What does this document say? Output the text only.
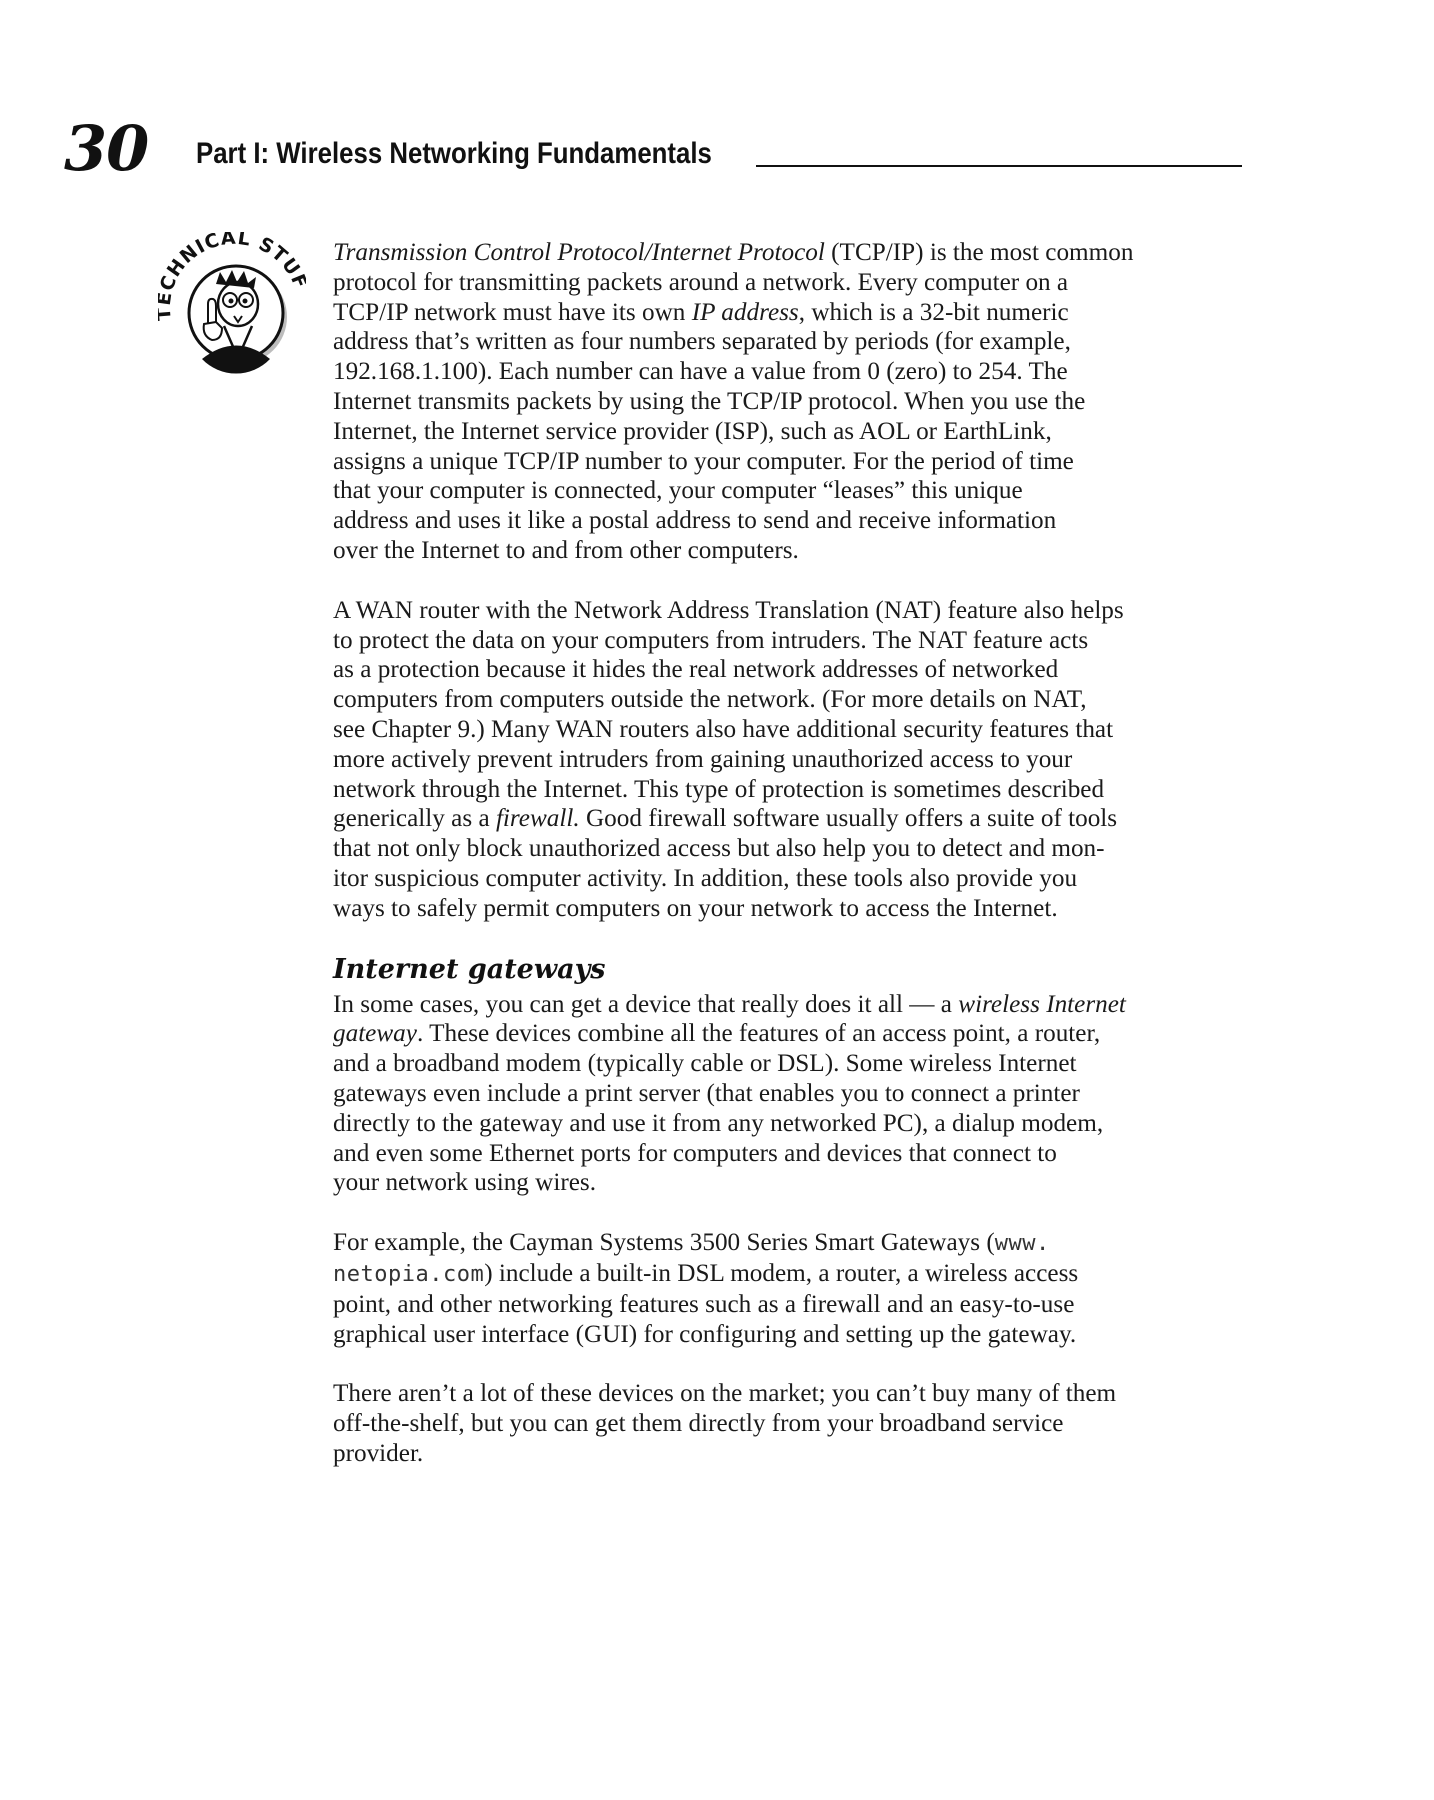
30 Part I: Wireless Networking Fundamentals
CHNICAL STU

Transmission Control Protocol/Internet Protocol (TCP/IP) is the most common
protocol for transmitting packets around a network. Every computer on a
TCP/IP network must have its own IP address, which is a 32-bit numeric
address that’s written as four numbers separated by periods (for example,
192.168.1.100). Each number can have a value from 0 (zero) to 254. The
Internet transmits packets by using the TCP/IP protocol. When you use the
Internet, the Internet service provider (ISP), such as AOL or EarthLink,
assigns a unique TCP/IP number to your computer. For the period of time
that your computer is connected, your computer “leases” this unique
address and uses it like a postal address to send and receive information
over the Internet to and from other computers.

A WAN router with the Network Address Translation (NAT) feature also helps
to protect the data on your computers from intruders. The NAT feature acts
as a protection because it hides the real network addresses of networked
computers from computers outside the network. (For more details on NAT,
see Chapter 9.) Many WAN routers also have additional security features that
more actively prevent intruders from gaining unauthorized access to your
network through the Internet. This type of protection is sometimes described
generically as a firewall. Good firewall software usually offers a suite of tools
that not only block unauthorized access but also help you to detect and mon-
itor suspicious computer activity. In addition, these tools also provide you
ways to safely permit computers on your network to access the Internet.

Internet gateways

In some cases, you can get a device that really does it all — a wireless Internet
gateway. These devices combine all the features of an access point, a router,
and a broadband modem (typically cable or DSL). Some wireless Internet
gateways even include a print server (that enables you to connect a printer
directly to the gateway and use it from any networked PC), a dialup modem,
and even some Ethernet ports for computers and devices that connect to
your network using wires.

For example, the Cayman Systems 3500 Series Smart Gateways (www.
netopia.com) include a built-in DSL modem, a router, a wireless access
point, and other networking features such as a firewall and an easy-to-use
graphical user interface (GUI) for configuring and setting up the gateway.

There aren’t a lot of these devices on the market; you can’t buy many of them
off-the-shelf, but you can get them directly from your broadband service
provider.
